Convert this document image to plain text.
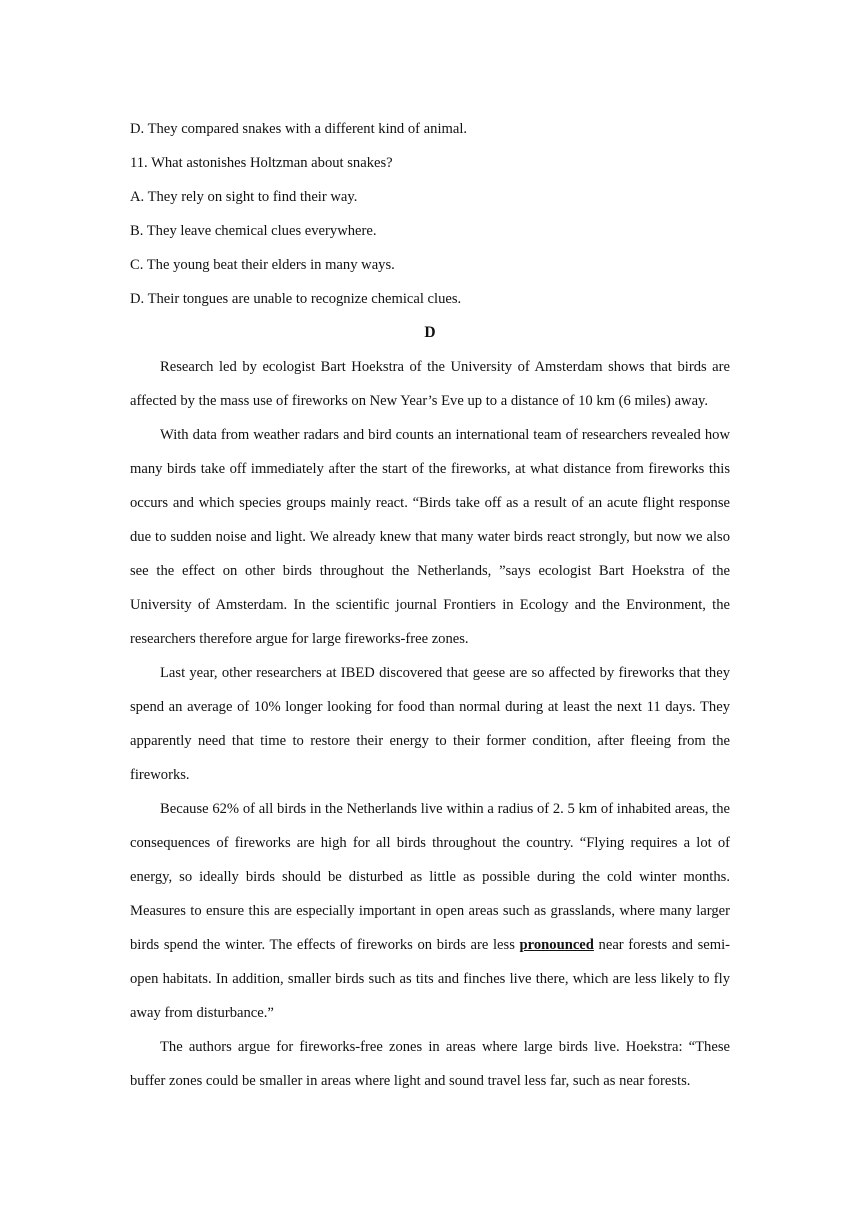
D. They compared snakes with a different kind of animal.

11. What astonishes Holtzman about snakes?

A. They rely on sight to find their way.

B. They leave chemical clues everywhere.

C. The young beat their elders in many ways.

D. Their tongues are unable to recognize chemical clues.

D

Research led by ecologist Bart Hoekstra of the University of Amsterdam shows that birds are affected by the mass use of fireworks on New Year’s Eve up to a distance of 10 km (6 miles) away.

With data from weather radars and bird counts an international team of researchers revealed how many birds take off immediately after the start of the fireworks, at what distance from fireworks this occurs and which species groups mainly react. “Birds take off as a result of an acute flight response due to sudden noise and light. We already knew that many water birds react strongly, but now we also see the effect on other birds throughout the Netherlands, ”says ecologist Bart Hoekstra of the University of Amsterdam. In the scientific journal Frontiers in Ecology and the Environment, the researchers therefore argue for large fireworks-free zones.

Last year, other researchers at IBED discovered that geese are so affected by fireworks that they spend an average of 10% longer looking for food than normal during at least the next 11 days. They apparently need that time to restore their energy to their former condition, after fleeing from the fireworks.

Because 62% of all birds in the Netherlands live within a radius of 2. 5 km of inhabited areas, the consequences of fireworks are high for all birds throughout the country. “Flying requires a lot of energy, so ideally birds should be disturbed as little as possible during the cold winter months. Measures to ensure this are especially important in open areas such as grasslands, where many larger birds spend the winter. The effects of fireworks on birds are less pronounced near forests and semi-open habitats. In addition, smaller birds such as tits and finches live there, which are less likely to fly away from disturbance.”

The authors argue for fireworks-free zones in areas where large birds live. Hoekstra: “These buffer zones could be smaller in areas where light and sound travel less far, such as near forests.
